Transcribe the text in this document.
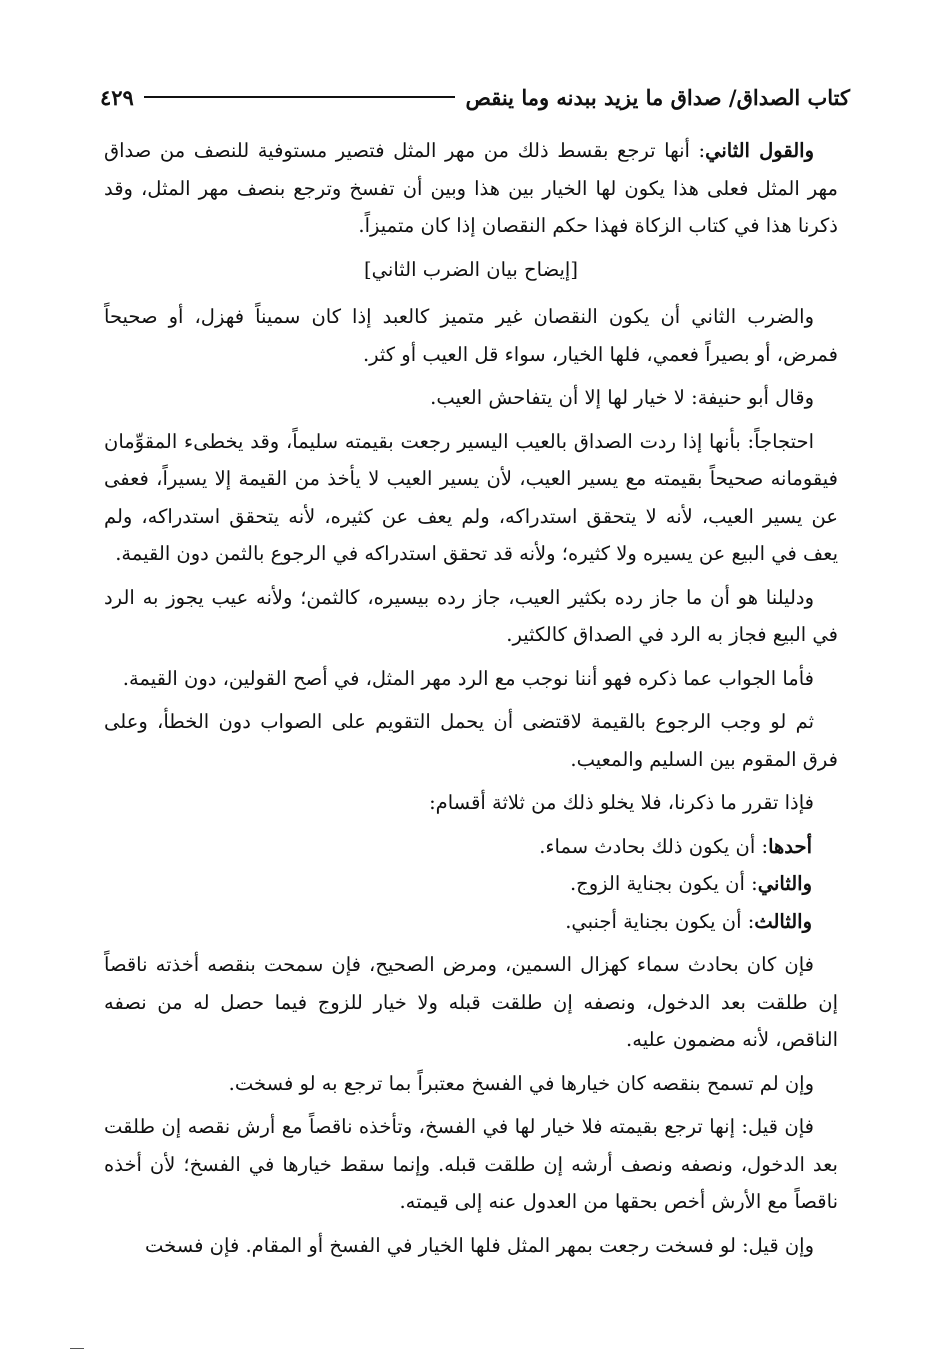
كتاب الصداق/ صداق ما يزيد ببدنه وما ينقص
٤٢٩

والقول الثاني: أنها ترجع بقسط ذلك من مهر المثل فتصير مستوفية للنصف من صداق مهر المثل فعلى هذا يكون لها الخيار بين هذا وبين أن تفسخ وترجع بنصف مهر المثل، وقد ذكرنا هذا في كتاب الزكاة فهذا حكم النقصان إذا كان متميزاً.

[إيضاح بيان الضرب الثاني]

والضرب الثاني أن يكون النقصان غير متميز كالعبد إذا كان سميناً فهزل، أو صحيحاً فمرض، أو بصيراً فعمي، فلها الخيار، سواء قل العيب أو كثر.

وقال أبو حنيفة: لا خيار لها إلا أن يتفاحش العيب.

احتجاجاً: بأنها إذا ردت الصداق بالعيب اليسير رجعت بقيمته سليماً، وقد يخطىء المقوِّمان فيقومانه صحيحاً بقيمته مع يسير العيب، لأن يسير العيب لا يأخذ من القيمة إلا يسيراً، فعفى عن يسير العيب، لأنه لا يتحقق استدراكه، ولم يعف عن كثيره، لأنه يتحقق استدراكه، ولم يعف في البيع عن يسيره ولا كثيره؛ ولأنه قد تحقق استدراكه في الرجوع بالثمن دون القيمة.

ودليلنا هو أن ما جاز رده بكثير العيب، جاز رده بيسيره، كالثمن؛ ولأنه عيب يجوز به الرد في البيع فجاز به الرد في الصداق كالكثير.

فأما الجواب عما ذكره فهو أننا نوجب مع الرد مهر المثل، في أصح القولين، دون القيمة.

ثم لو وجب الرجوع بالقيمة لاقتضى أن يحمل التقويم على الصواب دون الخطأ، وعلى فرق المقوم بين السليم والمعيب.

فإذا تقرر ما ذكرنا، فلا يخلو ذلك من ثلاثة أقسام:

أحدها: أن يكون ذلك بحادث سماء.

والثاني: أن يكون بجناية الزوج.

والثالث: أن يكون بجناية أجنبي.

فإن كان بحادث سماء كهزال السمين، ومرض الصحيح، فإن سمحت بنقصه أخذته ناقصاً إن طلقت بعد الدخول، ونصفه إن طلقت قبله ولا خيار للزوج فيما حصل له من نصفه الناقص، لأنه مضمون عليه.

وإن لم تسمح بنقصه كان خيارها في الفسخ معتبراً بما ترجع به لو فسخت.

فإن قيل: إنها ترجع بقيمته فلا خيار لها في الفسخ، وتأخذه ناقصاً مع أرش نقصه إن طلقت بعد الدخول، ونصفه ونصف أرشه إن طلقت قبله. وإنما سقط خيارها في الفسخ؛ لأن أخذه ناقصاً مع الأرش أخص بحقها من العدول عنه إلى قيمته.

وإن قيل: لو فسخت رجعت بمهر المثل فلها الخيار في الفسخ أو المقام. فإن فسخت
